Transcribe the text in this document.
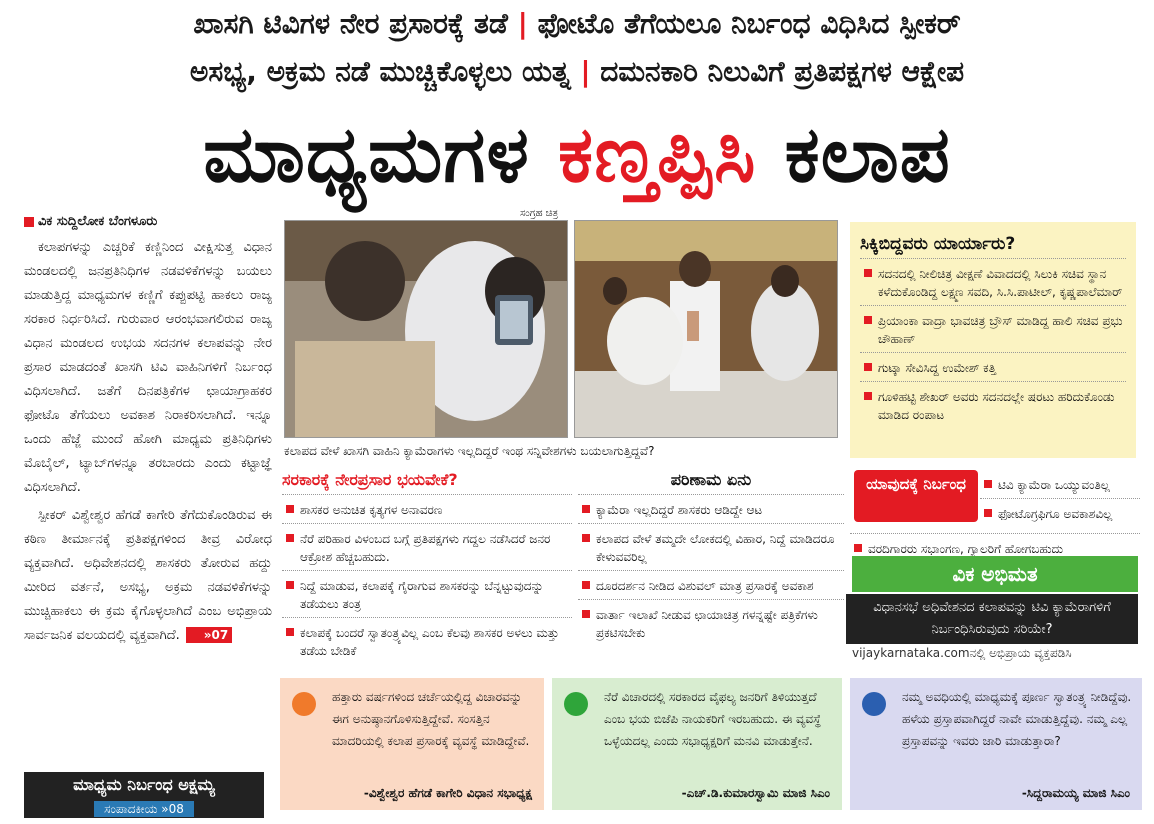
ಖಾಸಗಿ ಟಿವಿಗಳ ನೇರ ಪ್ರಸಾರಕ್ಕೆ ತಡೆ | ಫೋಟೊ ತೆಗೆಯಲೂ ನಿರ್ಬಂಧ ವಿಧಿಸಿದ ಸ್ಪೀಕರ್
ಅಸಭ್ಯ, ಅಕ್ರಮ ನಡೆ ಮುಚ್ಚಿಕೊಳ್ಳಲು ಯತ್ನ | ದಮನಕಾರಿ ನಿಲುವಿಗೆ ಪ್ರತಿಪಕ್ಷಗಳ ಆಕ್ಷೇಪ
ಮಾಧ್ಯಮಗಳ ಕಣ್ತಪ್ಪಿಸಿ ಕಲಾಪ
ವಿಕ ಸುದ್ದಿಲೋಕ ಬೆಂಗಳೂರು

ಕಲಾಪಗಳನ್ನು ಎಚ್ಚರಿಕೆ ಕಣ್ಣಿನಿಂದ ವೀಕ್ಷಿಸುತ್ತ ವಿಧಾನ ಮಂಡಲದಲ್ಲಿ ಜನಪ್ರತಿನಿಧಿಗಳ ನಡವಳಿಕೆಗಳನ್ನು ಬಯಲು ಮಾಡುತ್ತಿದ್ದ ಮಾಧ್ಯಮಗಳ ಕಣ್ಣಿಗೆ ಕಪ್ಪುಪಟ್ಟಿ ಹಾಕಲು ರಾಜ್ಯ ಸರಕಾರ ನಿರ್ಧರಿಸಿದೆ. ಗುರುವಾರ ಆರಂಭವಾಗಲಿರುವ ರಾಜ್ಯ ವಿಧಾನ ಮಂಡಲದ ಉಭಯ ಸದನಗಳ ಕಲಾಪವನ್ನು ನೇರ ಪ್ರಸಾರ ಮಾಡದಂತೆ ಖಾಸಗಿ ಟಿವಿ ವಾಹಿನಿಗಳಿಗೆ ನಿರ್ಬಂಧ ವಿಧಿಸಲಾಗಿದೆ. ಜತೆಗೆ ದಿನಪತ್ರಿಕೆಗಳ ಛಾಯಾಗ್ರಾಹಕರ ಫೋಟೊ ತೆಗೆಯಲು ಅವಕಾಶ ನಿರಾಕರಿಸಲಾಗಿದೆ. ಇನ್ನೂ ಒಂದು ಹೆಜ್ಜೆ ಮುಂದೆ ಹೋಗಿ ಮಾಧ್ಯಮ ಪ್ರತಿನಿಧಿಗಳು ಮೊಬೈಲ್, ಟ್ಯಾಬ್‌ಗಳನ್ನೂ ತರಬಾರದು ಎಂದು ಕಟ್ಟಾಜ್ಞೆ ವಿಧಿಸಲಾಗಿದೆ.

ಸ್ಪೀಕರ್ ವಿಶ್ವೇಶ್ವರ ಹೆಗಡೆ ಕಾಗೇರಿ ತೆಗೆದುಕೊಂಡಿರುವ ಈ ಕಠಿಣ ತೀರ್ಮಾನಕ್ಕೆ ಪ್ರತಿಪಕ್ಷಗಳಿಂದ ತೀವ್ರ ವಿರೋಧ ವ್ಯಕ್ತವಾಗಿದೆ. ಅಧಿವೇಶನದಲ್ಲಿ ಶಾಸಕರು ತೋರುವ ಹದ್ದು ಮೀರಿದ ವರ್ತನೆ, ಅಸಭ್ಯ, ಅಕ್ರಮ ನಡವಳಿಕೆಗಳನ್ನು ಮುಚ್ಚಿಹಾಕಲು ಈ ಕ್ರಮ ಕೈಗೊಳ್ಳಲಾಗಿದೆ ಎಂಬ ಅಭಿಪ್ರಾಯ ಸಾರ್ವಜನಿಕ ವಲಯದಲ್ಲಿ ವ್ಯಕ್ತವಾಗಿದೆ. »07

ಮಾಧ್ಯಮ ನಿರ್ಬಂಧ ಅಕ್ಷಮ್ಯ
ಸಂಪಾದಕೀಯ »08
ಸಂಗ್ರಹ ಚಿತ್ರ
ಕಲಾಪದ ವೇಳೆ ಖಾಸಗಿ ವಾಹಿನಿ ಕ್ಯಾಮೆರಾಗಳು ಇಲ್ಲದಿದ್ದರೆ ಇಂಥ ಸನ್ನಿವೇಶಗಳು ಬಯಲಾಗುತ್ತಿದ್ದವೆ?
ಸರಕಾರಕ್ಕೆ ನೇರಪ್ರಸಾರ ಭಯವೇಕೆ?
ಶಾಸಕರ ಅನುಚಿತ ಕೃತ್ಯಗಳ ಅನಾವರಣ
ನೆರೆ ಪರಿಹಾರ ವಿಳಂಬದ ಬಗ್ಗೆ ಪ್ರತಿಪಕ್ಷಗಳು ಗದ್ದಲ ನಡೆಸಿದರೆ ಜನರ ಆಕ್ರೋಶ ಹೆಚ್ಚಬಹುದು.
ನಿದ್ದೆ ಮಾಡುವ, ಕಲಾಪಕ್ಕೆ ಗೈರಾಗುವ ಶಾಸಕರನ್ನು ಬೆನ್ನಟ್ಟುವುದನ್ನು ತಡೆಯಲು ತಂತ್ರ
ಕಲಾಪಕ್ಕೆ ಬಂದರೆ ಸ್ವಾತಂತ್ರ್ಯವಿಲ್ಲ ಎಂಬ ಕೆಲವು ಶಾಸಕರ ಅಳಲು ಮತ್ತು ತಡೆಯ ಬೇಡಿಕೆ
ಪರಿಣಾಮ ಏನು
ಕ್ಯಾಮೆರಾ ಇಲ್ಲದಿದ್ದರೆ ಶಾಸಕರು ಆಡಿದ್ದೇ ಆಟ
ಕಲಾಪದ ವೇಳೆ ತಮ್ಮದೇ ಲೋಕದಲ್ಲಿ ವಿಹಾರ, ನಿದ್ದೆ ಮಾಡಿದರೂ ಕೇಳುವವರಿಲ್ಲ
ದೂರದರ್ಶನ ನೀಡಿದ ವಿಶುವಲ್ ಮಾತ್ರ ಪ್ರಸಾರಕ್ಕೆ ಅವಕಾಶ
ವಾರ್ತಾ ಇಲಾಖೆ ನೀಡುವ ಛಾಯಾಚಿತ್ರ ಗಳನ್ನಷ್ಟೇ ಪತ್ರಿಕೆಗಳು ಪ್ರಕಟಿಸಬೇಕು
ಸಿಕ್ಕಿಬಿದ್ದವರು ಯಾರ್ಯಾರು?
ಸದನದಲ್ಲಿ ನೀಲಿಚಿತ್ರ ವೀಕ್ಷಣೆ ವಿವಾದದಲ್ಲಿ ಸಿಲುಕಿ ಸಚಿವ ಸ್ಥಾನ ಕಳೆದುಕೊಂಡಿದ್ದ ಲಕ್ಷ್ಮಣ ಸವದಿ, ಸಿ.ಸಿ.ಪಾಟೀಲ್, ಕೃಷ್ಣಪಾಲೆಮಾರ್
ಪ್ರಿಯಾಂಕಾ ವಾದ್ರಾ ಭಾವಚಿತ್ರ ಬ್ರೌಸ್ ಮಾಡಿದ್ದ ಹಾಲಿ ಸಚಿವ ಪ್ರಭು ಚೌಹಾಣ್
ಗುಟ್ಕಾ ಸೇವಿಸಿದ್ದ ಉಮೇಶ್ ಕತ್ತಿ
ಗೂಳಿಹಟ್ಟಿ ಶೇಖರ್ ಅವರು ಸದನದಲ್ಲೇ ಷರಟು ಹರಿದುಕೊಂಡು ಮಾಡಿದ ರಂಪಾಟ
ಯಾವುದಕ್ಕೆ ನಿರ್ಬಂಧ	ಟಿವಿ ಕ್ಯಾಮೆರಾ ಒಯ್ಯುವಂತಿಲ್ಲ
ಫೋಟೊಗ್ರಫಿಗೂ ಅವಕಾಶವಿಲ್ಲ
ವರದಿಗಾರರು ಸಭಾಂಗಣ, ಗ್ಯಾಲರಿಗೆ ಹೋಗಬಹುದು
ವಿಕ ಅಭಿಮತ
ವಿಧಾನಸಭೆ ಅಧಿವೇಶನದ ಕಲಾಪವನ್ನು ಟಿವಿ ಕ್ಯಾಮೆರಾಗಳಿಗೆ ನಿರ್ಬಂಧಿಸಿರುವುದು ಸರಿಯೇ?
vijaykarnataka.comನಲ್ಲಿ ಅಭಿಪ್ರಾಯ ವ್ಯಕ್ತಪಡಿಸಿ
ಹತ್ತಾರು ವರ್ಷಗಳಿಂದ ಚರ್ಚೆಯಲ್ಲಿದ್ದ ವಿಚಾರವನ್ನು ಈಗ ಅನುಷ್ಠಾನಗೊಳಿಸುತ್ತಿದ್ದೇವೆ. ಸಂಸತ್ತಿನ ಮಾದರಿಯಲ್ಲಿ ಕಲಾಪ ಪ್ರಸಾರಕ್ಕೆ ವ್ಯವಸ್ಥೆ ಮಾಡಿದ್ದೇವೆ.
-ವಿಶ್ವೇಶ್ವರ ಹೆಗಡೆ ಕಾಗೇರಿ ವಿಧಾನ ಸಭಾಧ್ಯಕ್ಷ
ನೆರೆ ವಿಚಾರದಲ್ಲಿ ಸರಕಾರದ ವೈಫಲ್ಯ ಜನರಿಗೆ ತಿಳಿಯುತ್ತದೆ ಎಂಬ ಭಯ ಬಿಜೆಪಿ ನಾಯಕರಿಗೆ ಇರಬಹುದು. ಈ ವ್ಯವಸ್ಥೆ ಒಳ್ಳೆಯದಲ್ಲ ಎಂದು ಸಭಾಧ್ಯಕ್ಷರಿಗೆ ಮನವಿ ಮಾಡುತ್ತೇನೆ.
-ಎಚ್.ಡಿ.ಕುಮಾರಸ್ವಾಮಿ ಮಾಜಿ ಸಿಎಂ
ನಮ್ಮ ಅವಧಿಯಲ್ಲಿ ಮಾಧ್ಯಮಕ್ಕೆ ಪೂರ್ಣ ಸ್ವಾತಂತ್ರ್ಯ ನೀಡಿದ್ದೆವು. ಹಳೆಯ ಪ್ರಸ್ತಾಪವಾಗಿದ್ದರೆ ನಾವೇ ಮಾಡುತ್ತಿದ್ದೆವು. ನಮ್ಮ ಎಲ್ಲ ಪ್ರಸ್ತಾಪವನ್ನು ಇವರು ಜಾರಿ ಮಾಡುತ್ತಾರಾ?
-ಸಿದ್ದರಾಮಯ್ಯ ಮಾಜಿ ಸಿಎಂ
